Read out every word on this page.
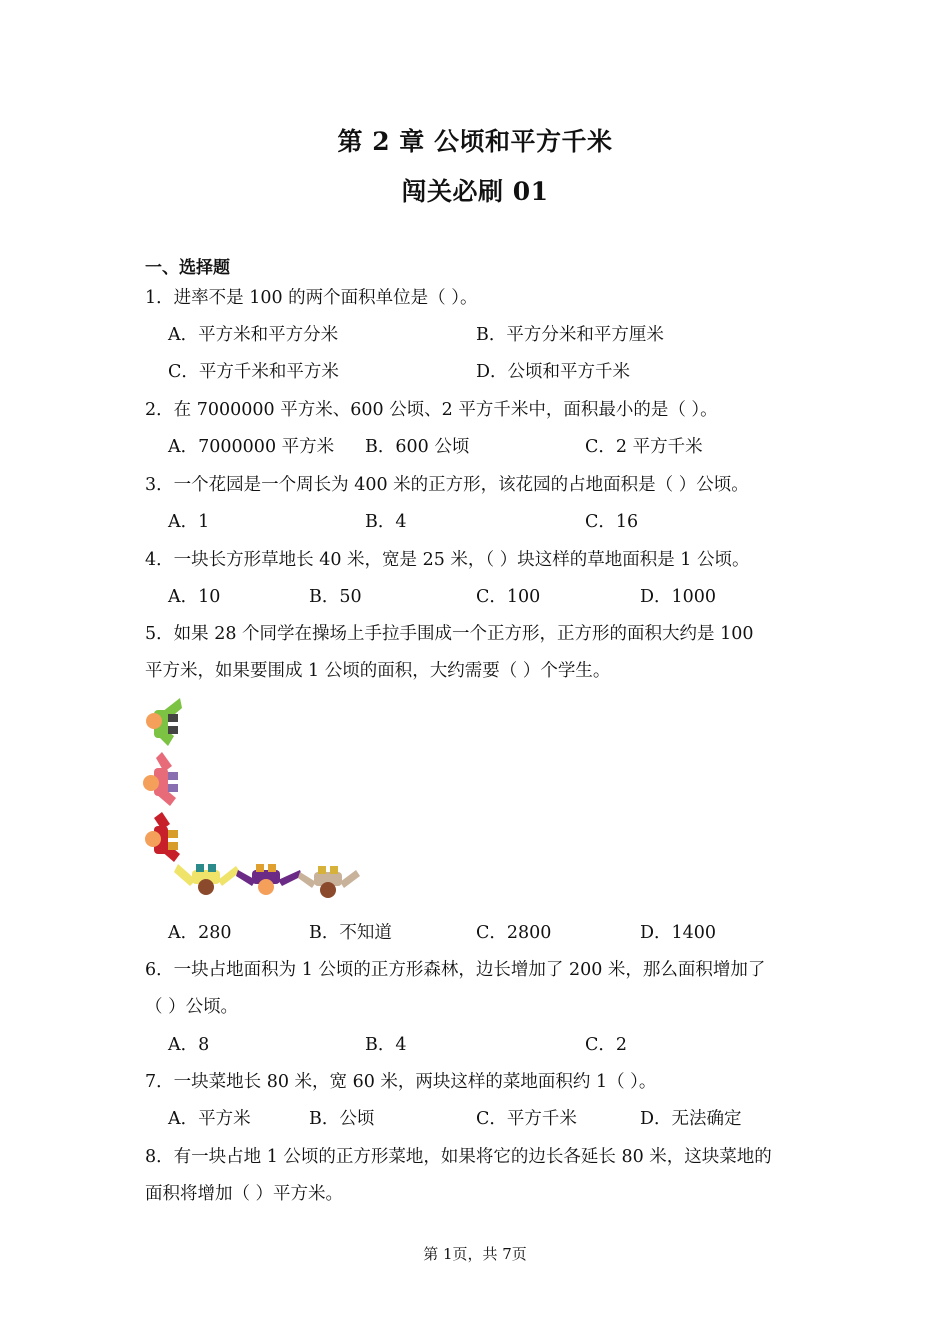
第 2 章 公顷和平方千米
闯关必刷 01
一、选择题
1．进率不是 100 的两个面积单位是（ ）。
A．平方米和平方分米	B．平方分米和平方厘米
C．平方千米和平方米	D．公顷和平方千米
2．在 7000000 平方米、600 公顷、2 平方千米中，面积最小的是（ ）。
A．7000000 平方米 B．600 公顷	C．2 平方千米
3．一个花园是一个周长为 400 米的正方形，该花园的占地面积是（ ）公顷。
A．1	B．4	C．16
4．一块长方形草地长 40 米，宽是 25 米，（ ）块这样的草地面积是 1 公顷。
A．10	B．50	C．100	D．1000
5．如果 28 个同学在操场上手拉手围成一个正方形，正方形的面积大约是 100
平方米，如果要围成 1 公顷的面积，大约需要（ ）个学生。
A．280	B．不知道	C．2800	D．1400
6．一块占地面积为 1 公顷的正方形森林，边长增加了 200 米，那么面积增加了
（ ）公顷。
A．8	B．4	C．2
7．一块菜地长 80 米，宽 60 米，两块这样的菜地面积约 1（ ）。
A．平方米	B．公顷	C．平方千米	D．无法确定
8．有一块占地 1 公顷的正方形菜地，如果将它的边长各延长 80 米，这块菜地的
面积将增加（ ）平方米。
第 1页，共 7页
